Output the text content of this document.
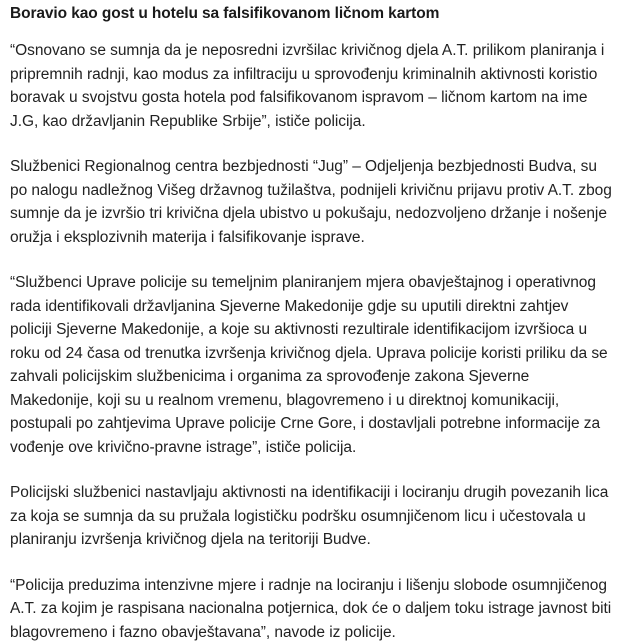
Boravio kao gost u hotelu sa falsifikovanom ličnom kartom

“Osnovano se sumnja da je neposredni izvršilac krivičnog djela A.T. prilikom planiranja i pripremnih radnji, kao modus za infiltraciju u sprovođenju kriminalnih aktivnosti koristio boravak u svojstvu gosta hotela pod falsifikovanom ispravom – ličnom kartom na ime J.G, kao državljanin Republike Srbije”, ističe policija.

Službenici Regionalnog centra bezbjednosti “Jug” – Odjeljenja bezbjednosti Budva, su po nalogu nadležnog Višeg državnog tužilaštva, podnijeli krivičnu prijavu protiv A.T. zbog sumnje da je izvršio tri krivična djela ubistvo u pokušaju, nedozvoljeno držanje i nošenje oružja i eksplozivnih materija i falsifikovanje isprave.

“Službenci Uprave policije su temeljnim planiranjem mjera obavještajnog i operativnog rada identifikovali državljanina Sjeverne Makedonije gdje su uputili direktni zahtjev policiji Sjeverne Makedonije, a koje su aktivnosti rezultirale identifikacijom izvršioca u roku od 24 časa od trenutka izvršenja krivičnog djela. Uprava policije koristi priliku da se zahvali policijskim službenicima i organima za sprovođenje zakona Sjeverne Makedonije, koji su u realnom vremenu, blagovremeno i u direktnoj komunikaciji, postupali po zahtjevima Uprave policije Crne Gore, i dostavljali potrebne informacije za vođenje ove krivično-pravne istrage”, ističe policija.

Policijski službenici nastavljaju aktivnosti na identifikaciji i lociranju drugih povezanih lica za koja se sumnja da su pružala logističku podršku osumnjičenom licu i učestovala u planiranju izvršenja krivičnog djela na teritoriji Budve.

“Policija preduzima intenzivne mjere i radnje na lociranju i lišenju slobode osumnjičenog A.T. za kojim je raspisana nacionalna potjernica, dok će o daljem toku istrage javnost biti blagovremeno i fazno obavještavana”, navode iz policije.
